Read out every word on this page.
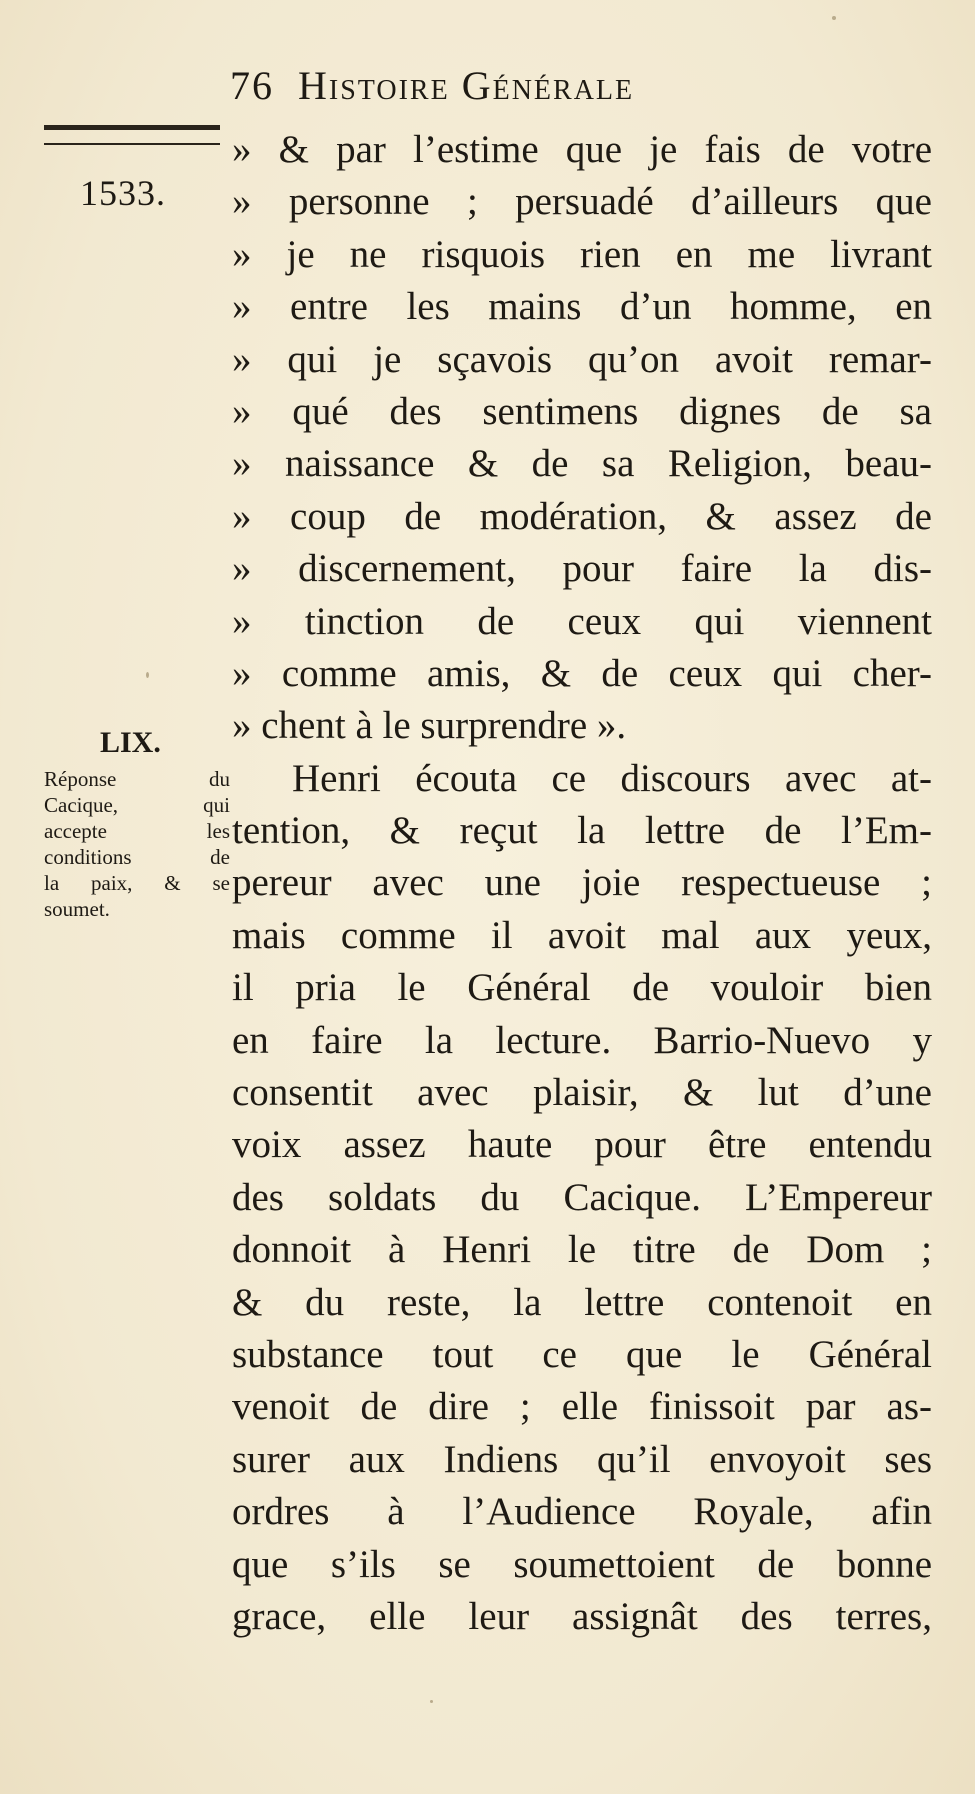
76 Histoire Générale
1533.
LIX.
Réponse du
Cacique, qui
accepte les
conditions de
la paix, & se
soumet.
» & par l’estime que je fais de votre
» personne ; persuadé d’ailleurs que
» je ne risquois rien en me livrant
» entre les mains d’un homme, en
» qui je sçavois qu’on avoit remar-
» qué des sentimens dignes de sa
» naissance & de sa Religion, beau-
» coup de modération, & assez de
» discernement, pour faire la dis-
» tinction de ceux qui viennent
» comme amis, & de ceux qui cher-
» chent à le surprendre ».
Henri écouta ce discours avec at-
tention, & reçut la lettre de l’Em-
pereur avec une joie respectueuse ;
mais comme il avoit mal aux yeux,
il pria le Général de vouloir bien
en faire la lecture. Barrio-Nuevo y
consentit avec plaisir, & lut d’une
voix assez haute pour être entendu
des soldats du Cacique. L’Empereur
donnoit à Henri le titre de Dom ;
& du reste, la lettre contenoit en
substance tout ce que le Général
venoit de dire ; elle finissoit par as-
surer aux Indiens qu’il envoyoit ses
ordres à l’Audience Royale, afin
que s’ils se soumettoient de bonne
grace, elle leur assignât des terres,
